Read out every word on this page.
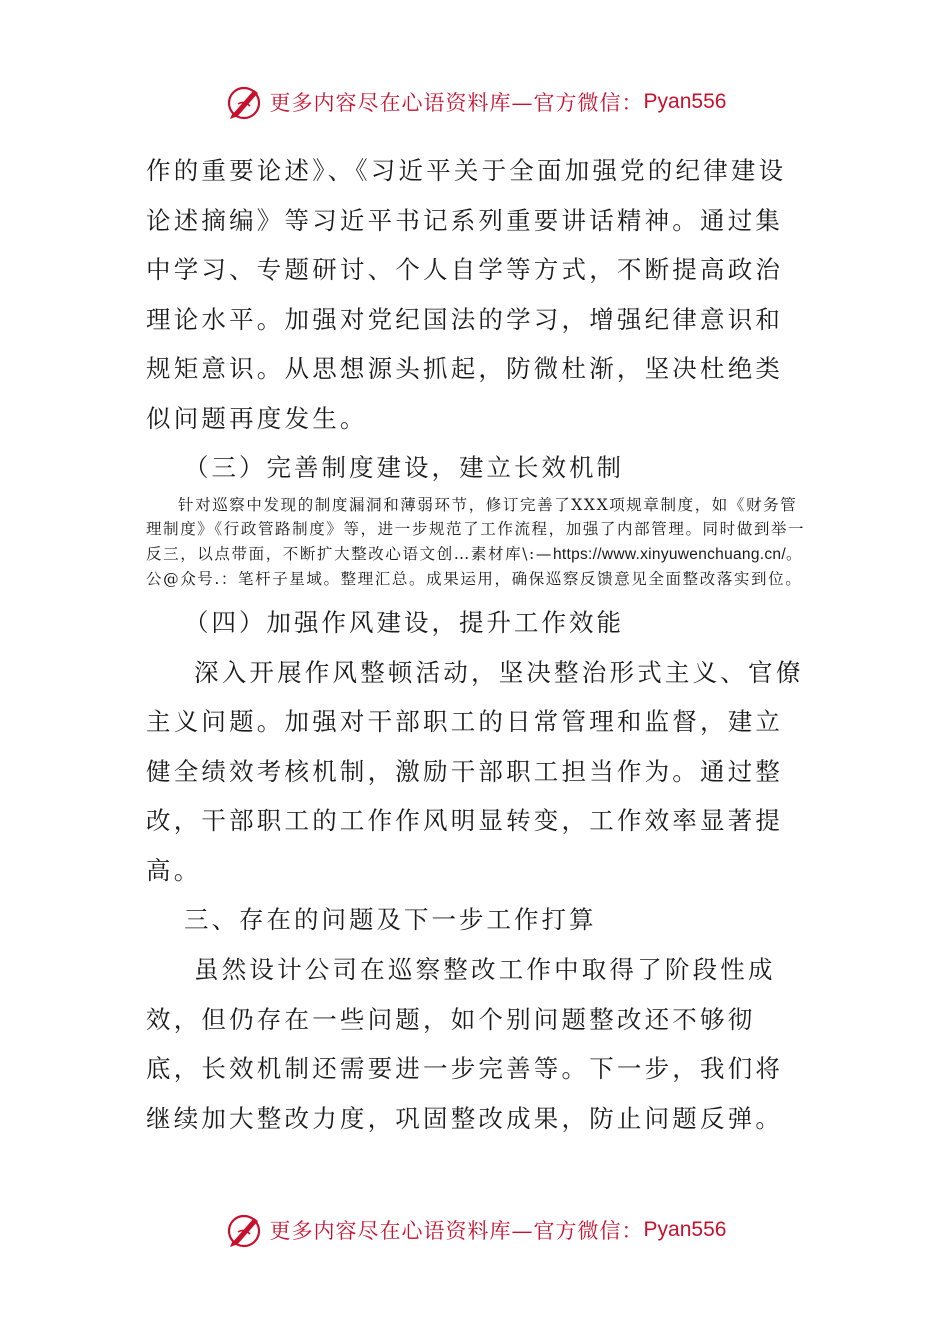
更多内容尽在心语资料库—官方微信： Pyan556

作的重要论述》、《习近平关于全面加强党的纪律建设论述摘编》等习近平书记系列重要讲话精神。通过集中学习、专题研讨、个人自学等方式，不断提高政治理论水平。加强对党纪国法的学习，增强纪律意识和规矩意识。从思想源头抓起，防微杜渐，坚决杜绝类似问题再度发生。

（三）完善制度建设，建立长效机制

针对巡察中发现的制度漏洞和薄弱环节，修订完善了XXX项规章制度，如《财务管理制度》《行政管路制度》等，进一步规范了工作流程，加强了内部管理。同时做到举一反三，以点带面，不断扩大整改心语文创…素材库\:—https://www.xinyuwenchuang.cn/。公@众号.：笔杆子星域。整理汇总。成果运用，确保巡察反馈意见全面整改落实到位。

（四）加强作风建设，提升工作效能

深入开展作风整顿活动，坚决整治形式主义、官僚主义问题。加强对干部职工的日常管理和监督，建立健全绩效考核机制，激励干部职工担当作为。通过整改，干部职工的工作作风明显转变，工作效率显著提高。

三、存在的问题及下一步工作打算

虽然设计公司在巡察整改工作中取得了阶段性成效，但仍存在一些问题，如个别问题整改还不够彻底，长效机制还需要进一步完善等。下一步，我们将继续加大整改力度，巩固整改成果，防止问题反弹。

更多内容尽在心语资料库—官方微信： Pyan556
